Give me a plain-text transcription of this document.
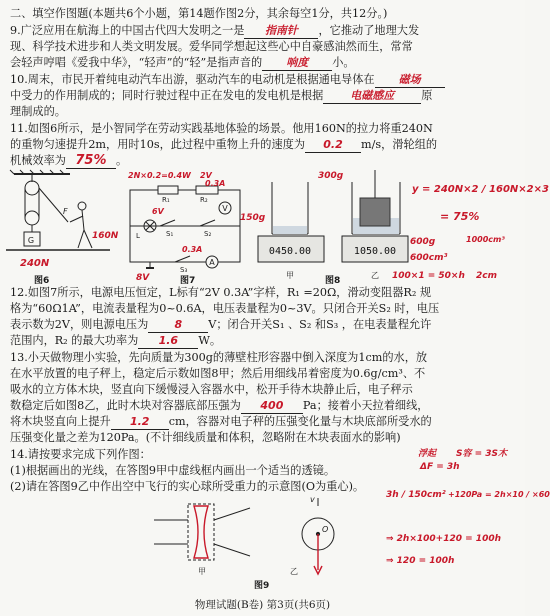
二、填空作图题(本题共6个小题，第14题作图2分，其余每空1分，共12分。)
9.广泛应用在航海上的中国古代四大发明之一是 指南针 ，它推动了地理大发
现、科学技术进步和人类文明发展。爱华同学想起这些心中自豪感油然而生，常常
会轻声哼唱《爱我中华》，“轻声”的“轻”是指声音的 响度 小。
10.周末，市民开着纯电动汽车出游，驱动汽车的电动机是根据通电导体在 磁场
中受力的作用制成的；同时行驶过程中正在发电的发电机是根据 电磁感应 原
理制成的。
11.如图6所示，是小智同学在劳动实践基地体验的场景。他用160N的拉力将重240N
的重物匀速提升2m，用时10s，此过程中重物上升的速度为 0.2 m/s，滑轮组的
机械效率为 75% 。
G
F
240N
160N
A
V
R₁	R₂
L	S₁	S₂
S₃
2N×0.2=0.4W 2V
0.3A
6V
0.3A
8V
0450.00	1050.00
甲	乙
300g
150g
y = 240N×2 / 160N×2×3
= 75%
600g	1000cm³
600cm³
100×1 = 50×h 2cm
图6	图7	图8
12.如图7所示，电源电压恒定，L标有“2V 0.3A”字样，R₁ =20Ω，滑动变阻器R₂ 规
格为“60Ω1A”，电流表量程为0~0.6A，电压表量程为0~3V。只闭合开关S₂ 时，电压
表示数为2V，则电源电压为 8 V；闭合开关S₁ 、S₂ 和S₃ ，在电表量程允许
范围内，R₂ 的最大功率为 1.6 W。
13.小天做物理小实验，先向质量为300g的薄壁柱形容器中倒入深度为1cm的水，放
在水平放置的电子秤上，稳定后示数如图8甲；然后用细线吊着密度为0.6g/cm³、不
吸水的立方体木块，竖直向下缓慢浸入容器水中，松开手待木块静止后，电子秤示
数稳定后如图8乙，此时木块对容器底部压强为 400 Pa；接着小天拉着细线，
将木块竖直向上提升 1.2 cm，容器对电子秤的压强变化量与木块底部所受水的
压强变化量之差为120Pa。(不计细线质量和体积，忽略附在木块表面水的影响)
14.请按要求完成下列作图：
(1)根据画出的光线，在答图9甲中虚线框内画出一个适当的透镜。
(2)请在答图9乙中作出空中飞行的实心球所受重力的示意图(O为重心)。
浮起 S容 = 3S木
ΔF = 3h
3h / 150cm² +120Pa = 2h×10 / ×60
⇒ 2h×100+120 = 100h
⇒ 120 = 100h
O
v
甲	乙
图9
物理试题(B卷) 第3页(共6页)
